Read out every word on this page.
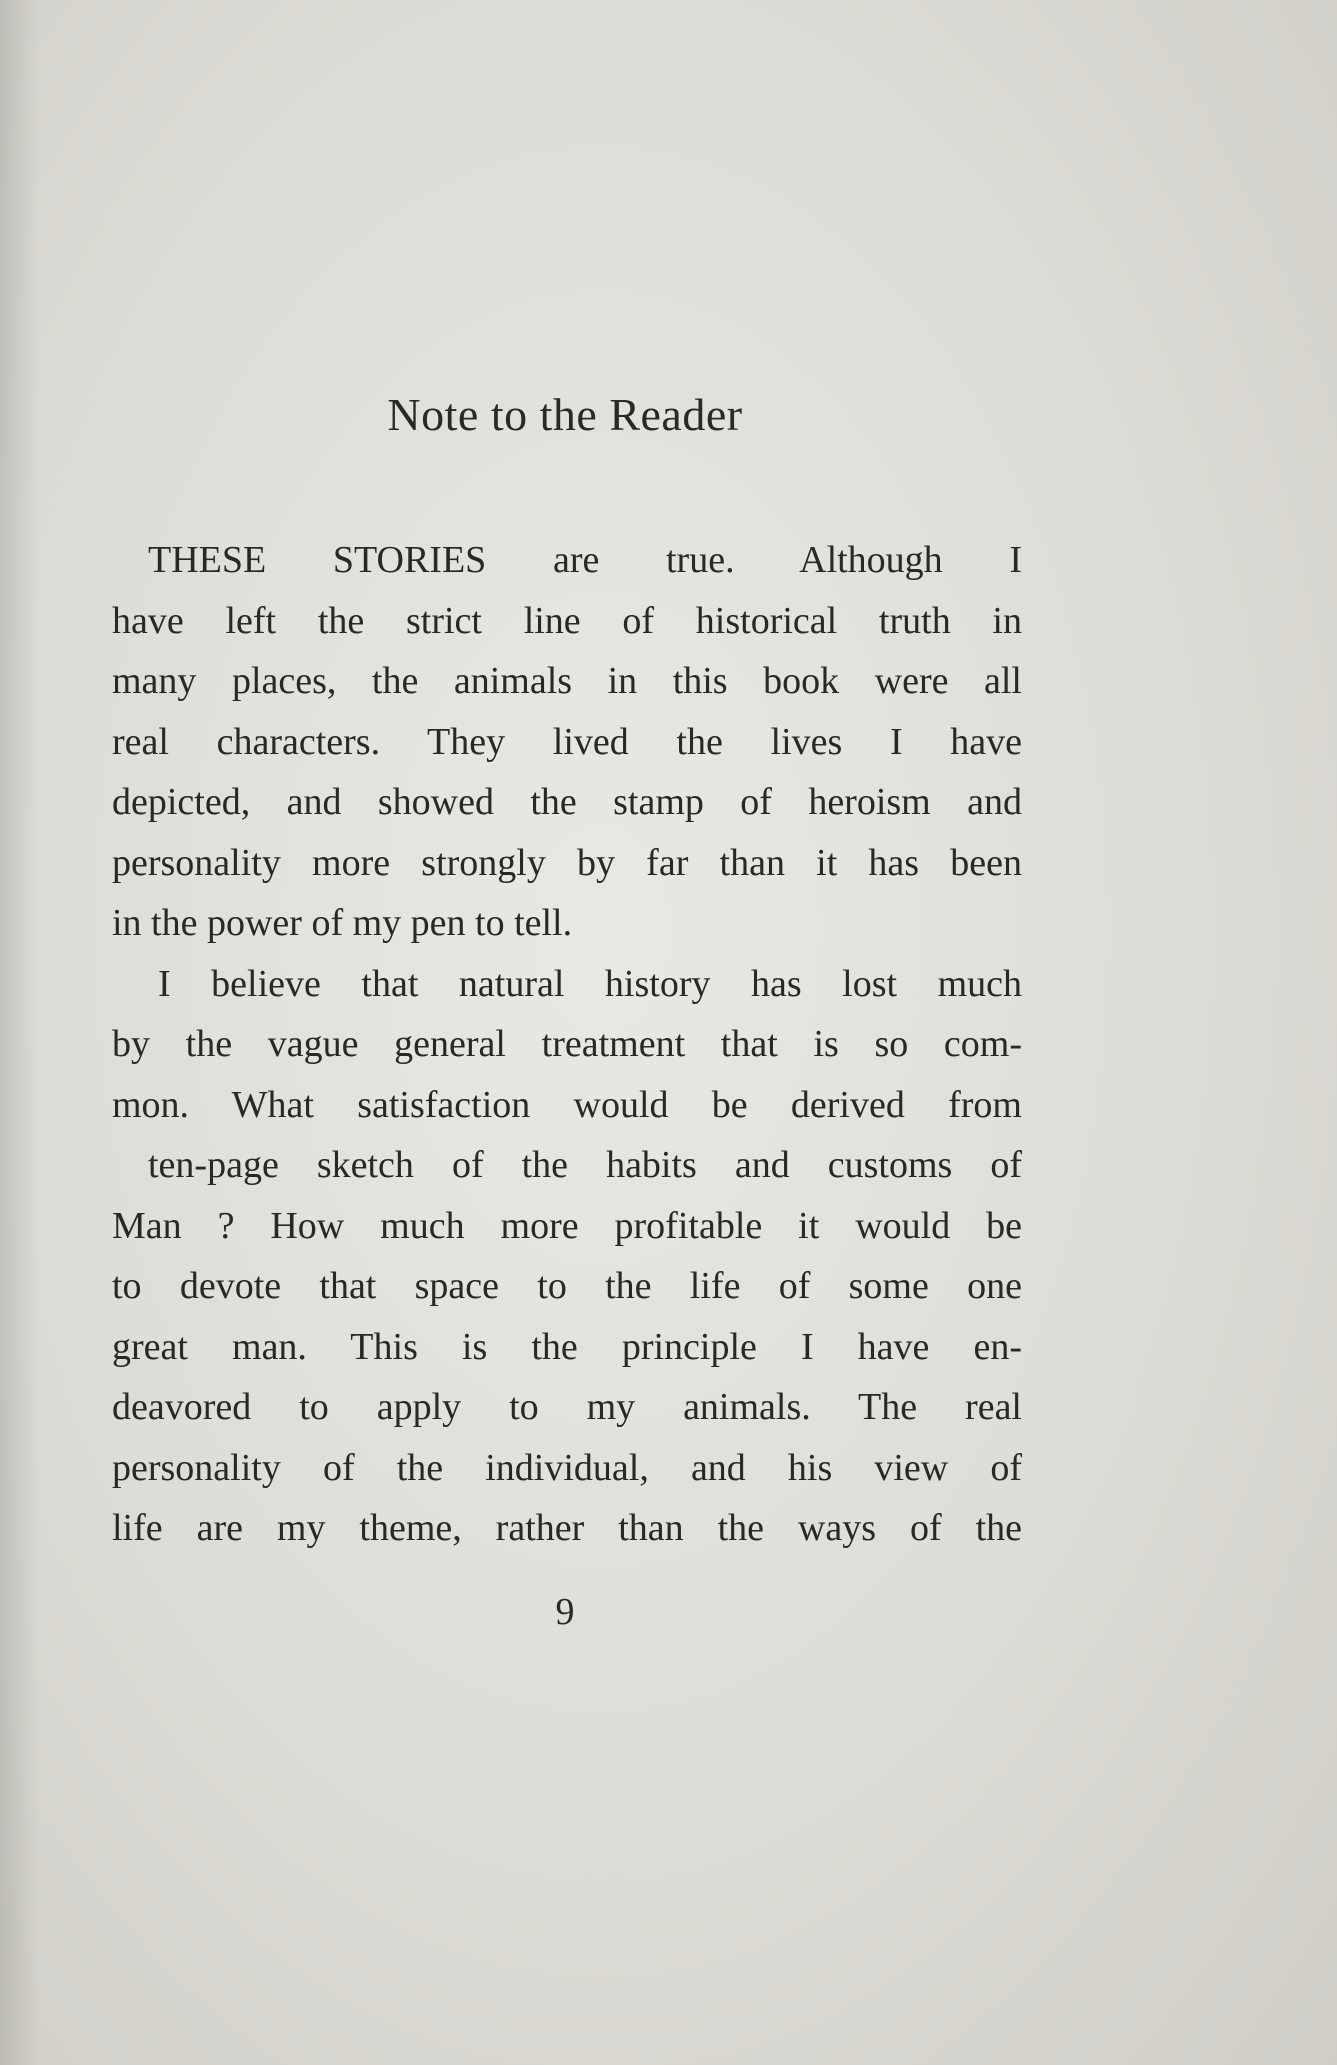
Note to the Reader
THESE STORIES are true. Although I
have left the strict line of historical truth in
many places, the animals in this book were all
real characters. They lived the lives I have
depicted, and showed the stamp of heroism and
personality more strongly by far than it has been
in the power of my pen to tell.
I believe that natural history has lost much
by the vague general treatment that is so com-
mon. What satisfaction would be derived from
ten-page sketch of the habits and customs of
Man ? How much more profitable it would be
to devote that space to the life of some one
great man. This is the principle I have en-
deavored to apply to my animals. The real
personality of the individual, and his view of
life are my theme, rather than the ways of the
9
